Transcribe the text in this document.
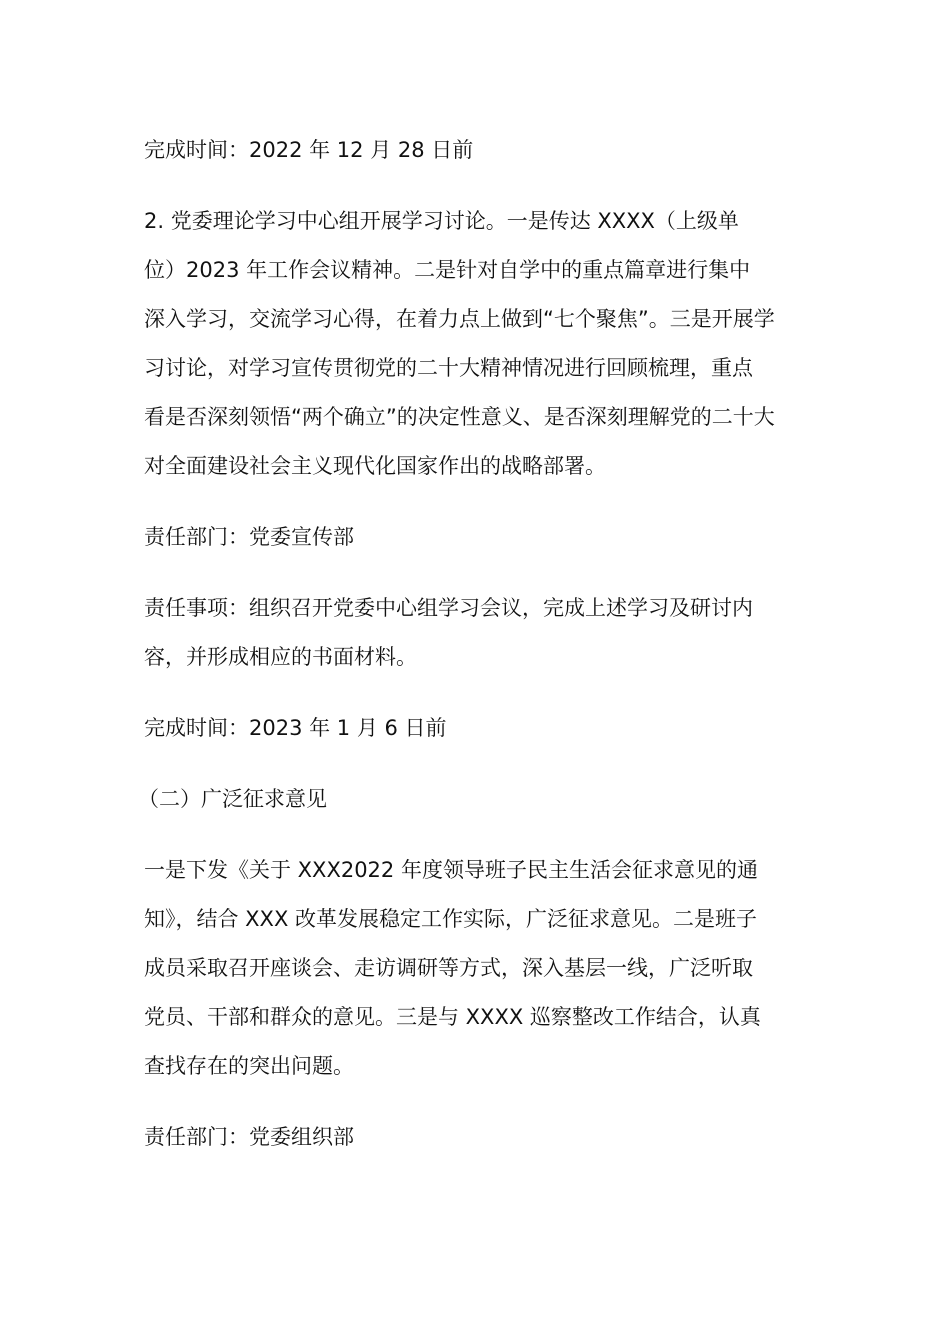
完成时间：2022 年 12 月 28 日前

2. 党委理论学习中心组开展学习讨论。一是传达 XXXX（上级单
位）2023 年工作会议精神。二是针对自学中的重点篇章进行集中
深入学习，交流学习心得，在着力点上做到“七个聚焦”。三是开展学
习讨论，对学习宣传贯彻党的二十大精神情况进行回顾梳理，重点
看是否深刻领悟“两个确立”的决定性意义、是否深刻理解党的二十大
对全面建设社会主义现代化国家作出的战略部署。

责任部门：党委宣传部

责任事项：组织召开党委中心组学习会议，完成上述学习及研讨内
容，并形成相应的书面材料。

完成时间：2023 年 1 月 6 日前

（二）广泛征求意见

一是下发《关于 XXX2022 年度领导班子民主生活会征求意见的通
知》，结合 XXX 改革发展稳定工作实际，广泛征求意见。二是班子
成员采取召开座谈会、走访调研等方式，深入基层一线，广泛听取
党员、干部和群众的意见。三是与 XXXX 巡察整改工作结合，认真
查找存在的突出问题。

责任部门：党委组织部
